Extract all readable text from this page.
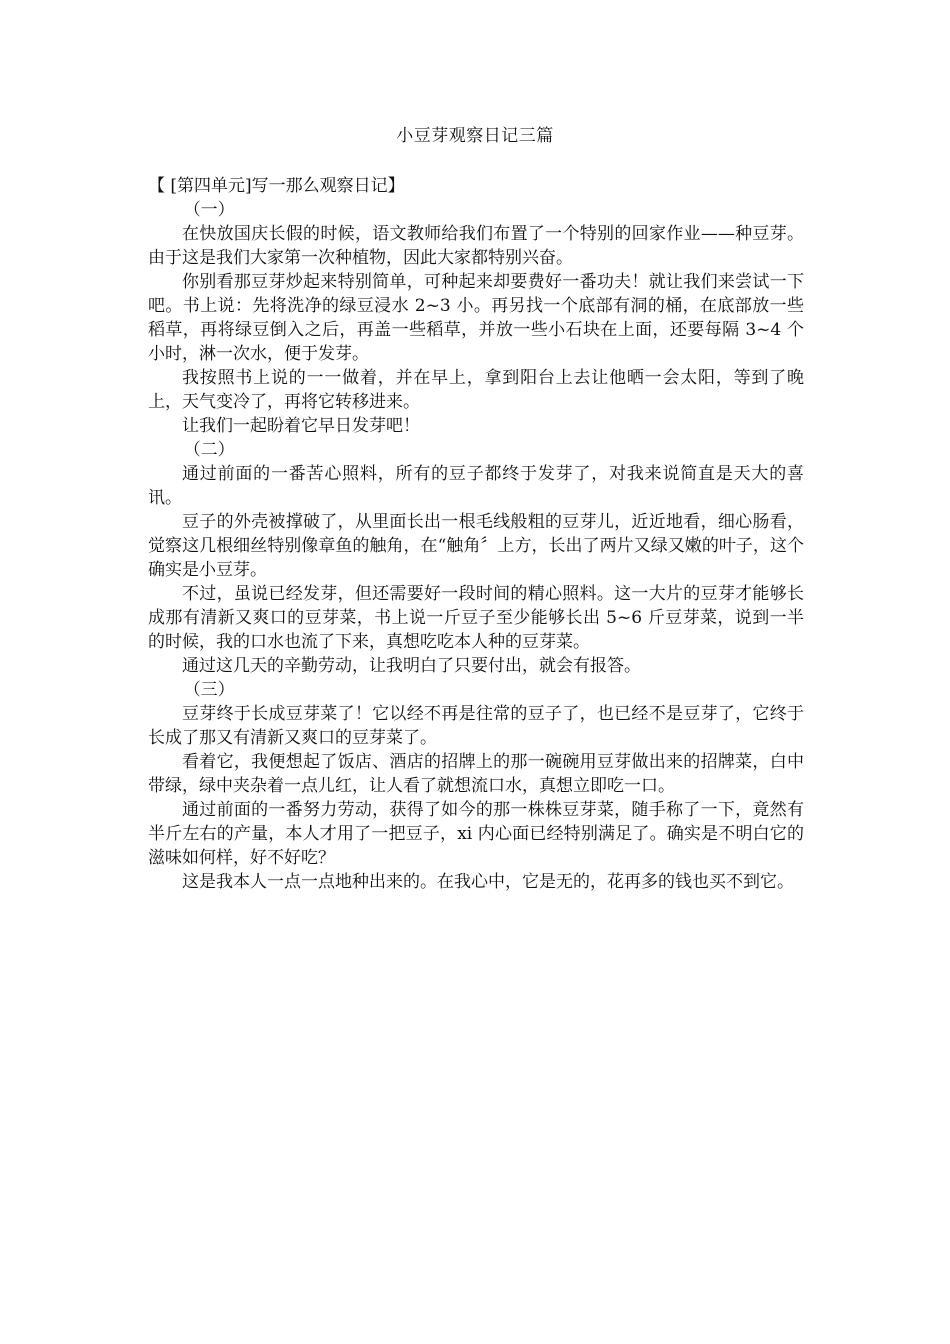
小豆芽观察日记三篇

【 [第四单元]写一那么观察日记】

（一）

在快放国庆长假的时候，语文教师给我们布置了一个特别的回家作业——种豆芽。由于这是我们大家第一次种植物，因此大家都特别兴奋。

你别看那豆芽炒起来特别简单，可种起来却要费好一番功夫！就让我们来尝试一下吧。书上说：先将洗净的绿豆浸水 2~3 小。再另找一个底部有洞的桶，在底部放一些稻草，再将绿豆倒入之后，再盖一些稻草，并放一些小石块在上面，还要每隔 3~4 个小时，淋一次水，便于发芽。

我按照书上说的一一做着，并在早上，拿到阳台上去让他晒一会太阳，等到了晚上，天气变冷了，再将它转移进来。

让我们一起盼着它早日发芽吧！

（二）

通过前面的一番苦心照料，所有的豆子都终于发芽了，对我来说简直是天大的喜讯。

豆子的外壳被撑破了，从里面长出一根毛线般粗的豆芽儿，近近地看，细心肠看，觉察这几根细丝特别像章鱼的触角，在“触角〞上方，长出了两片又绿又嫩的叶子，这个确实是小豆芽。

不过，虽说已经发芽，但还需要好一段时间的精心照料。这一大片的豆芽才能够长成那有清新又爽口的豆芽菜，书上说一斤豆子至少能够长出 5~6 斤豆芽菜，说到一半的时候，我的口水也流了下来，真想吃吃本人种的豆芽菜。

通过这几天的辛勤劳动，让我明白了只要付出，就会有报答。

（三）

豆芽终于长成豆芽菜了！它以经不再是往常的豆子了，也已经不是豆芽了，它终于长成了那又有清新又爽口的豆芽菜了。

看着它，我便想起了饭店、酒店的招牌上的那一碗碗用豆芽做出来的招牌菜，白中带绿，绿中夹杂着一点儿红，让人看了就想流口水，真想立即吃一口。

通过前面的一番努力劳动，获得了如今的那一株株豆芽菜，随手称了一下，竟然有半斤左右的产量，本人才用了一把豆子，xi 内心面已经特别满足了。确实是不明白它的滋味如何样，好不好吃？

这是我本人一点一点地种出来的。在我心中，它是无的，花再多的钱也买不到它。
